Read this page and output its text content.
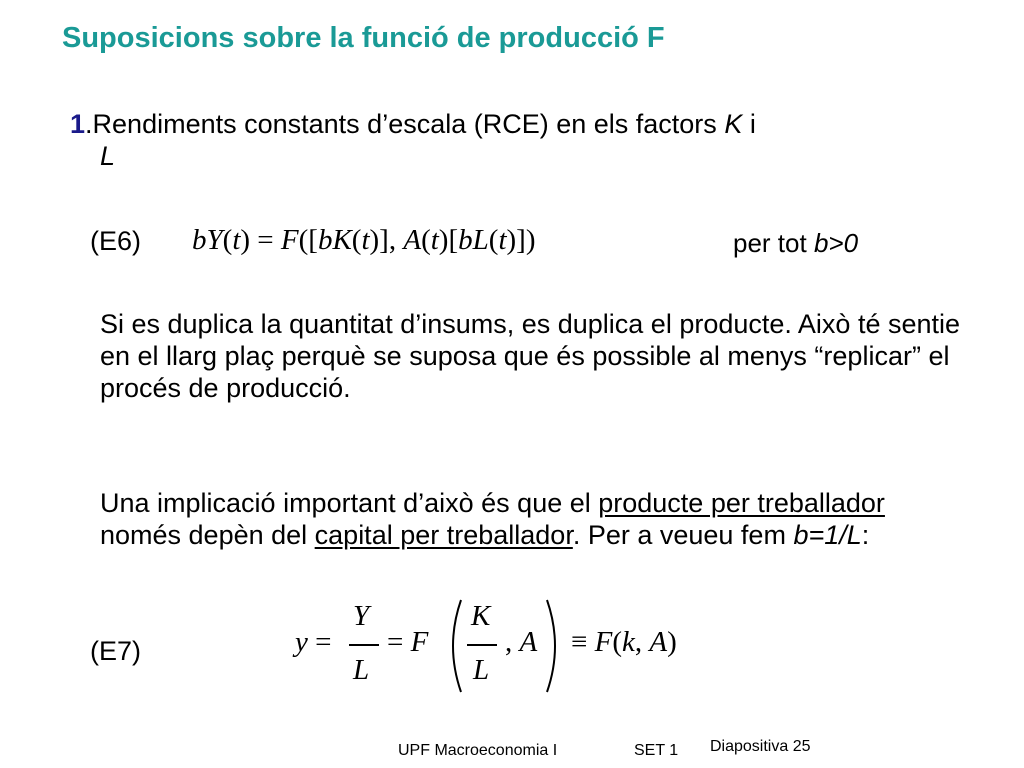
Suposicions sobre la funció de producció F
1.Rendiments constants d’escala (RCE) en els factors K i
L
(E6) bY(t) = F([bK(t)], A(t)[bL(t)])	per tot b>0
Si es duplica la quantitat d’insums, es duplica el producte. Això té sentie en el llarg plaç perquè se suposa que és possible al menys “replicar” el procés de producció.
Una implicació important d’això és que el producte per treballador només depèn del capital per treballador. Per a veueu fem b=1/L:
(E7)	y =
Y
L
= F
K
L
, A ≡ F(k, A)
UPF Macroeconomia I	SET 1 Diapositiva 25
